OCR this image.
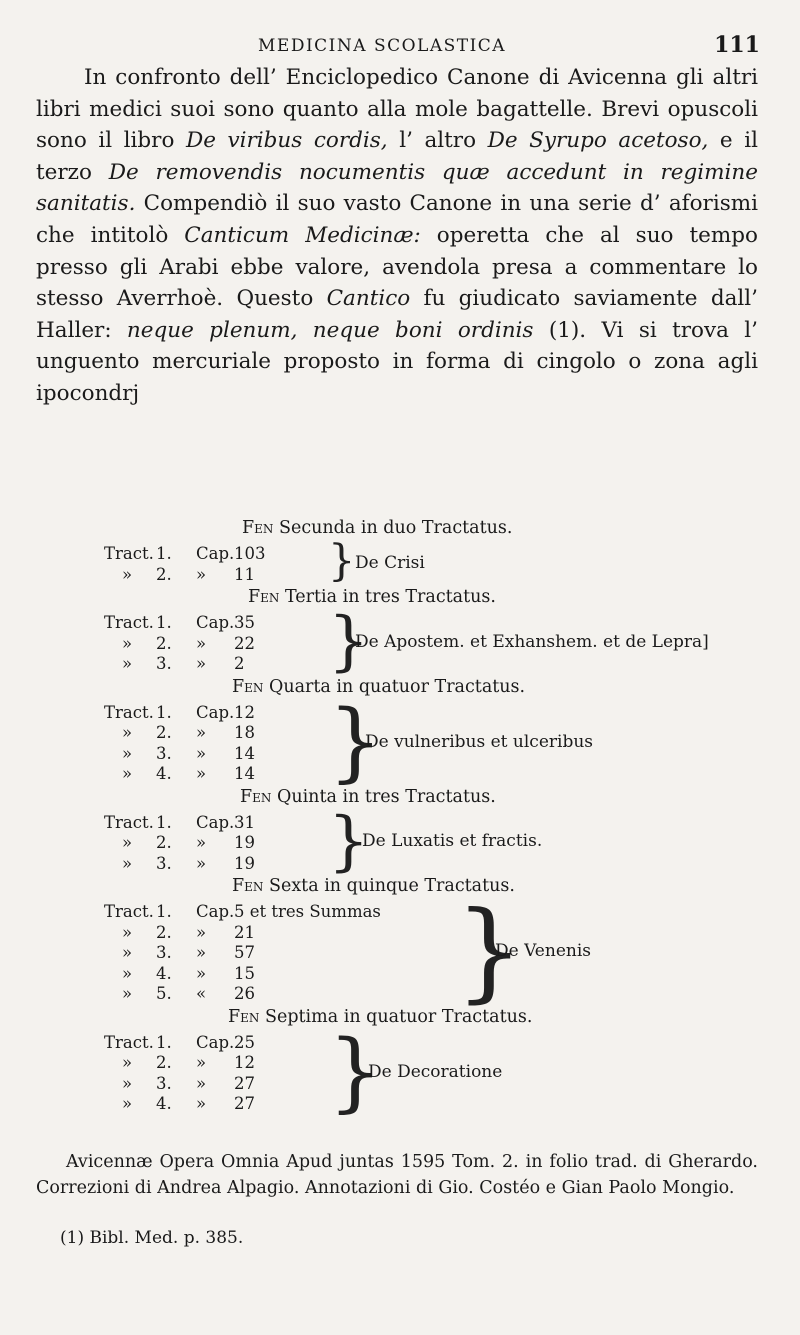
MEDICINA SCOLASTICA	111

In confronto dell’ Enciclopedico Canone di Avicenna gli altri libri medici suoi sono quanto alla mole bagattelle. Brevi opuscoli sono il libro De viribus cordis, l’ altro De Syrupo acetoso, e il terzo De removendis nocumentis quæ accedunt in regimine sanitatis. Compendiò il suo vasto Canone in una serie d’ aforismi che intitolò Canticum Medicinæ: operetta che al suo tempo presso gli Arabi ebbe valore, avendola presa a commentare lo stesso Averrhoè. Questo Cantico fu giudicato saviamente dall’ Haller: neque plenum, neque boni ordinis (1). Vi si trova l’ unguento mercuriale proposto in forma di cingolo o zona agli ipocondrj

Fen Secunda in duo Tractatus.
Tract. 1. Cap.103
» 2. » 11 } De Crisi
Fen Tertia in tres Tractatus.
Tract. 1. Cap.35
» 2. » 22
» 3. » 2 }
De Apostem. et Exhanshem. et de Lepra]
Fen Quarta in quatuor Tractatus.
Tract. 1. Cap.12
» 2. » 18
» 3. » 14
» 4. » 14 }
De vulneribus et ulceribus
Fen Quinta in tres Tractatus.
Tract. 1. Cap.31
» 2. » 19
» 3. » 19 }
De Luxatis et fractis.
Fen Sexta in quinque Tractatus.
Tract. 1. Cap.5 et tres Summas
» 2. » 21
» 3. » 57
» 4. » 15
» 5. « 26 }
De Venenis
Fen Septima in quatuor Tractatus.
Tract. 1. Cap.25
» 2. » 12
» 3. » 27
» 4. » 27 }
De Decoratione

Avicennæ Opera Omnia Apud juntas 1595 Tom. 2. in folio trad. di Gherardo. Correzioni di Andrea Alpagio. Annotazioni di Gio. Costéo e Gian Paolo Mongio.

(1) Bibl. Med. p. 385.
